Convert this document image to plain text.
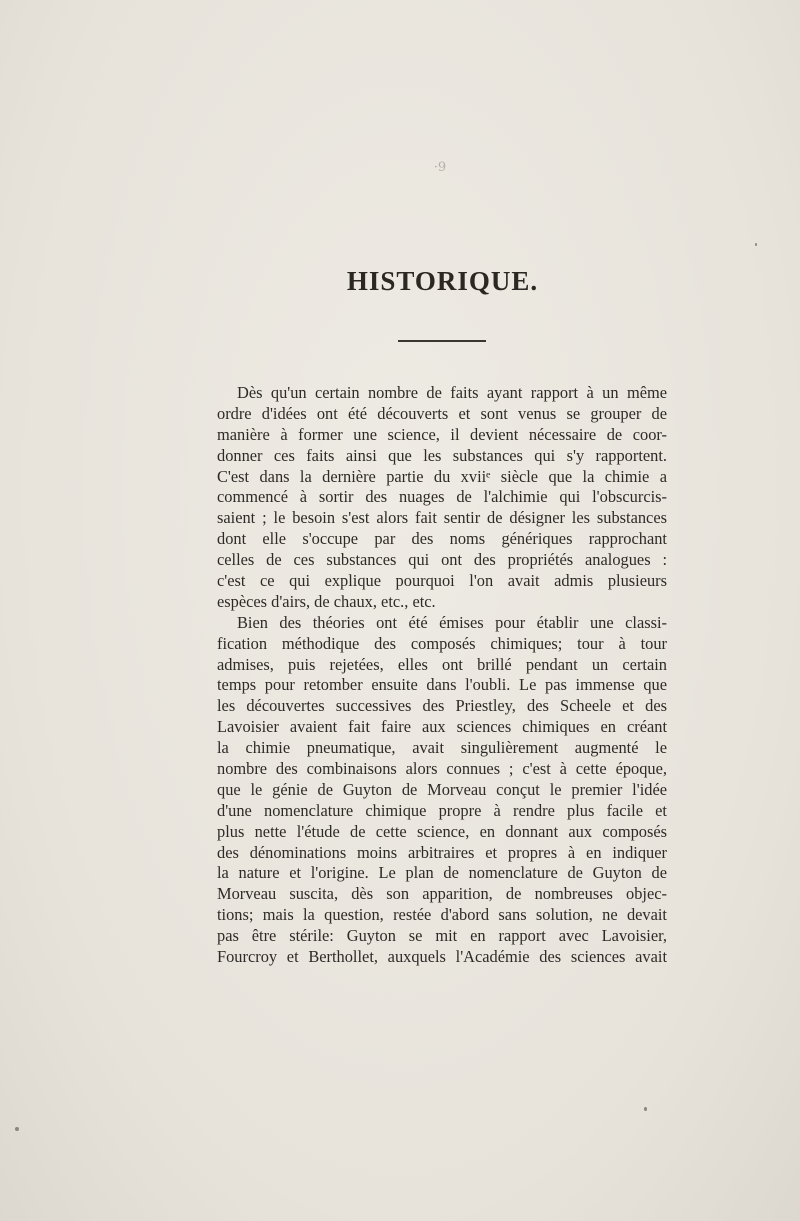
·9
HISTORIQUE.
Dès qu'un certain nombre de faits ayant rapport à un même
ordre d'idées ont été découverts et sont venus se grouper de
manière à former une science, il devient nécessaire de coor-
donner ces faits ainsi que les substances qui s'y rapportent.
C'est dans la dernière partie du xviiᵉ siècle que la chimie a
commencé à sortir des nuages de l'alchimie qui l'obscurcis-
saient ; le besoin s'est alors fait sentir de désigner les substances
dont elle s'occupe par des noms génériques rapprochant
celles de ces substances qui ont des propriétés analogues :
c'est ce qui explique pourquoi l'on avait admis plusieurs
espèces d'airs, de chaux, etc., etc.
Bien des théories ont été émises pour établir une classi-
fication méthodique des composés chimiques; tour à tour
admises, puis rejetées, elles ont brillé pendant un certain
temps pour retomber ensuite dans l'oubli. Le pas immense que
les découvertes successives des Priestley, des Scheele et des
Lavoisier avaient fait faire aux sciences chimiques en créant
la chimie pneumatique, avait singulièrement augmenté le
nombre des combinaisons alors connues ; c'est à cette époque,
que le génie de Guyton de Morveau conçut le premier l'idée
d'une nomenclature chimique propre à rendre plus facile et
plus nette l'étude de cette science, en donnant aux composés
des dénominations moins arbitraires et propres à en indiquer
la nature et l'origine. Le plan de nomenclature de Guyton de
Morveau suscita, dès son apparition, de nombreuses objec-
tions; mais la question, restée d'abord sans solution, ne devait
pas être stérile: Guyton se mit en rapport avec Lavoisier,
Fourcroy et Berthollet, auxquels l'Académie des sciences avait
